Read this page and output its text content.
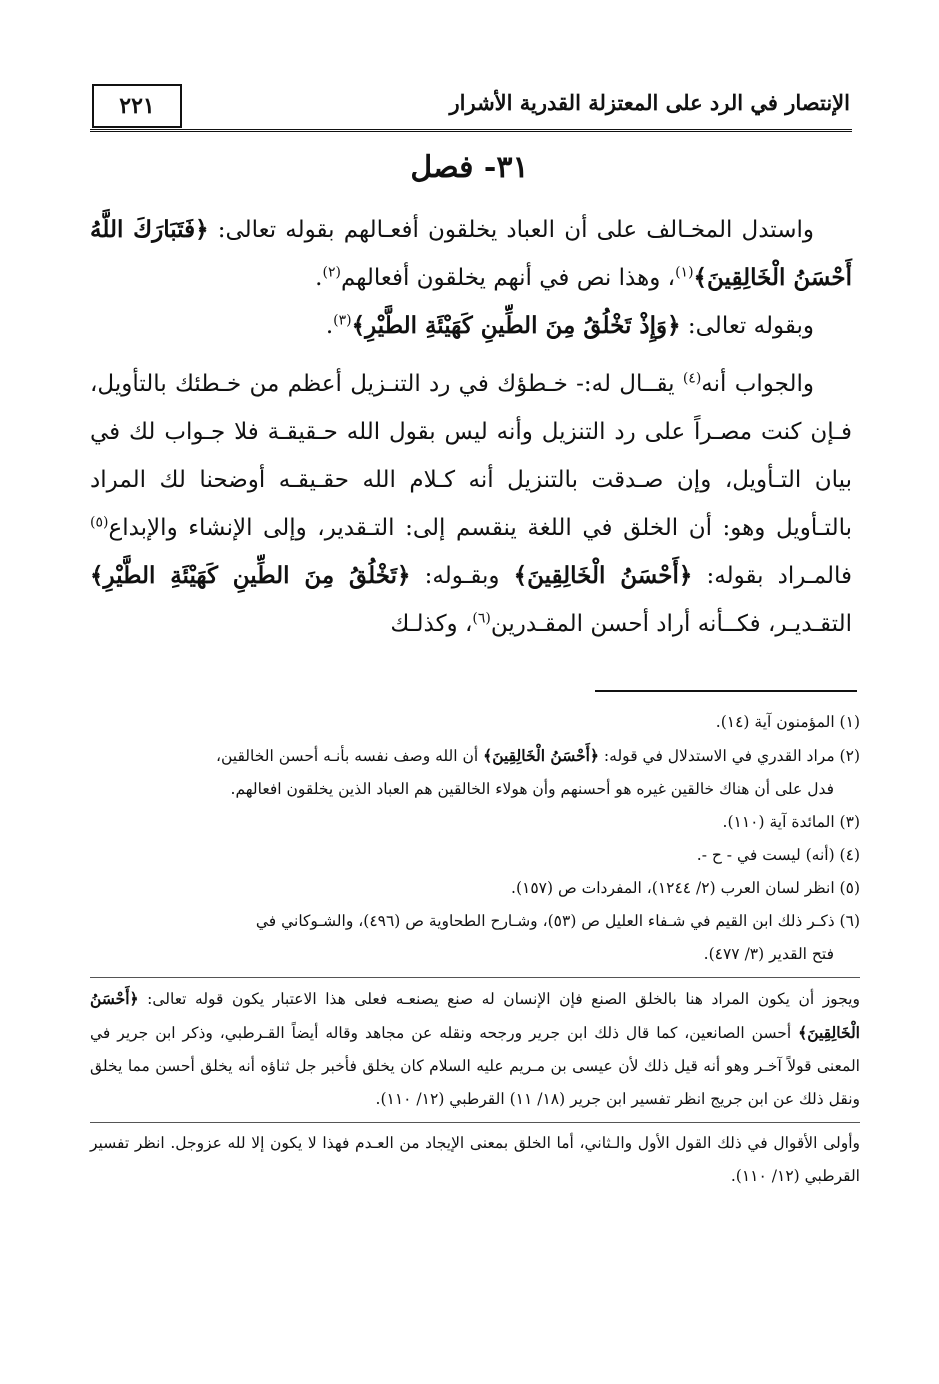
٢٢١	الإنتصار في الرد على المعتزلة القدرية الأشرار
٣١- فصل

واستدل المخـالف على أن العباد يخلقون أفعـالهم بقوله تعالى: ﴿فَتَبَارَكَ اللَّهُ أَحْسَنُ الْخَالِقِينَ﴾$^{(١)}$، وهذا نص في أنهم يخلقون أفعالهم$^{(٢)}$.

وبقوله تعالى: ﴿وَإِذْ تَخْلُقُ مِنَ الطِّينِ كَهَيْئَةِ الطَّيْرِ﴾$^{(٣)}$.

والجواب أنه$^{(٤)}$ يقــال له:- خـطؤك في رد التنـزيل أعظم من خـطئك بالتأويل، فـإن كنت مصـراً على رد التنزيل وأنه ليس بقول الله حـقيقـة فلا جـواب لك في بيان التـأويل، وإن صـدقت بالتنزيل أنه كـلام الله حقـيقـه أوضحنا لك المراد بالتـأويل وهو: أن الخلق في اللغة ينقسم إلى: التـقدير، وإلى الإنشاء والإبداع$^{(٥)}$ فالمـراد بقوله: ﴿أَحْسَنُ الْخَالِقِينَ﴾ وبقـوله: ﴿تَخْلُقُ مِنَ الطِّينِ كَهَيْئَةِ الطَّيْرِ﴾ التقـديـر، فكــأنه أراد أحسن المقـدرين$^{(٦)}$، وكذلـك

(١) المؤمنون آية (١٤).

(٢) مراد القدري في الاستدلال في قوله: ﴿أَحْسَنُ الْخَالِقِينَ﴾ أن الله وصف نفسه بأنـه أحسن الخالقين،

فدل على أن هناك خالقين غيره هو أحسنهم وأن هولاء الخالقين هم العباد الذين يخلقون افعالهم.

(٣) المائدة آية (١١٠).

(٤) (أنه) ليست في - ح -.

(٥) انظر لسان العرب (٢/ ١٢٤٤)، المفردات ص (١٥٧).

(٦) ذكـر ذلك ابن القيم في شـفاء العليل ص (٥٣)، وشـارح الطحاوية ص (٤٩٦)، والشـوكاني في

فتح القدير (٣/ ٤٧٧).

ويجوز أن يكون المراد هنا بالخلق الصنع فإن الإنسان له صنع يصنعـه فعلى هذا الاعتبار يكون قوله تعالى: ﴿أَحْسَنُ الْخَالِقِينَ﴾ أحسن الصانعين، كما قال ذلك ابن جرير ورجحه ونقله عن مجاهد وقاله أيضاً القـرطبي، وذكر ابن جرير في المعنى قولاً آخـر وهو أنه قيل ذلك لأن عيسى بن مـريم عليه السلام كان يخلق فأخبر جل ثناؤه أنه يخلق أحسن مما يخلق ونقل ذلك عن ابن جريج انظر تفسير ابن جرير (١٨/ ١١) القرطبي (١٢/ ١١٠).

وأولى الأقوال في ذلك القول الأول والـثاني، أما الخلق بمعنى الإيجاد من العـدم فهذا لا يكون إلا لله عزوجل. انظر تفسير القرطبي (١٢/ ١١٠).
